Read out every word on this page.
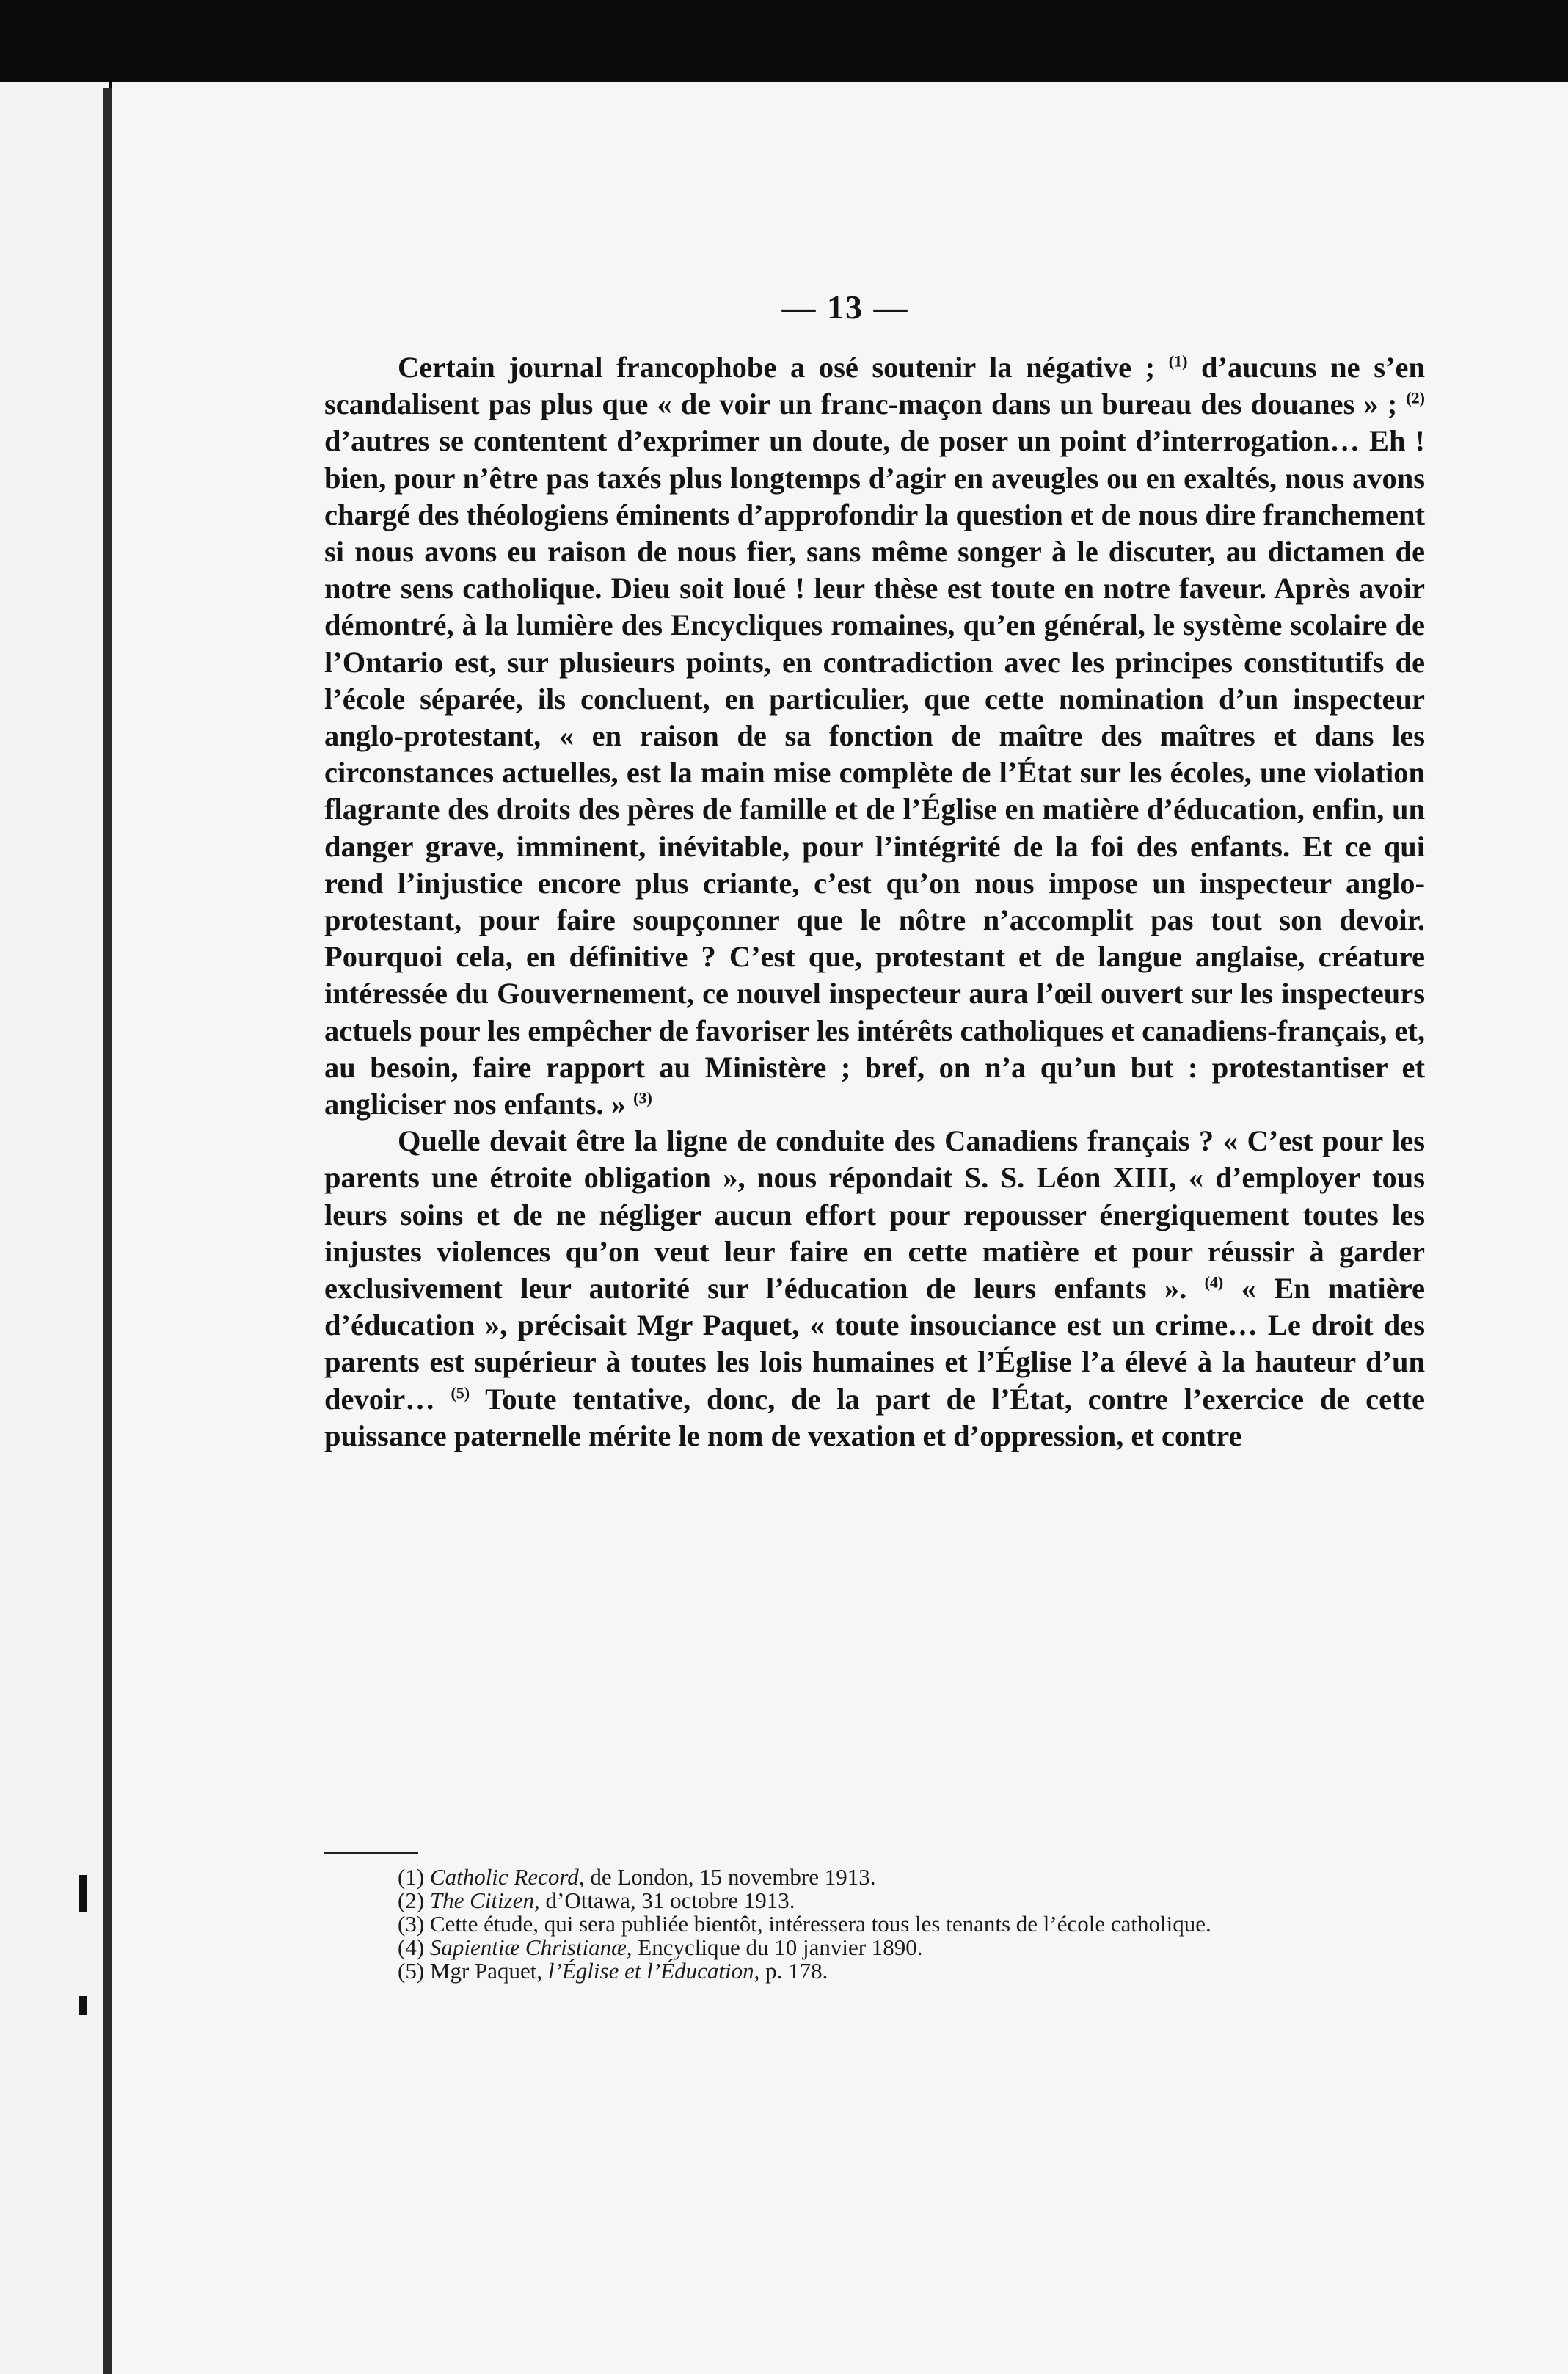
— 13 —

Certain journal francophobe a osé soutenir la négative ; $^{(1)}$ d’aucuns ne s’en scandalisent pas plus que « de voir un franc-maçon dans un bureau des douanes » ; $^{(2)}$ d’autres se contentent d’exprimer un doute, de poser un point d’interrogation… Eh ! bien, pour n’être pas taxés plus longtemps d’agir en aveugles ou en exaltés, nous avons chargé des théologiens éminents d’approfondir la question et de nous dire franchement si nous avons eu raison de nous fier, sans même songer à le discuter, au dictamen de notre sens catholique. Dieu soit loué ! leur thèse est toute en notre faveur. Après avoir démontré, à la lumière des Encycliques romaines, qu’en général, le système scolaire de l’Ontario est, sur plusieurs points, en contradiction avec les principes constitutifs de l’école séparée, ils concluent, en particulier, que cette nomination d’un inspecteur anglo-protestant, « en raison de sa fonction de maître des maîtres et dans les circonstances actuelles, est la main mise complète de l’État sur les écoles, une violation flagrante des droits des pères de famille et de l’Église en matière d’éducation, enfin, un danger grave, imminent, inévitable, pour l’intégrité de la foi des enfants. Et ce qui rend l’injustice encore plus criante, c’est qu’on nous impose un inspecteur anglo-protestant, pour faire soupçonner que le nôtre n’accomplit pas tout son devoir. Pourquoi cela, en définitive ? C’est que, protestant et de langue anglaise, créature intéressée du Gouvernement, ce nouvel inspecteur aura l’œil ouvert sur les inspecteurs actuels pour les empêcher de favoriser les intérêts catholiques et canadiens-français, et, au besoin, faire rapport au Ministère ; bref, on n’a qu’un but : protestantiser et angliciser nos enfants. » $^{(3)}$

Quelle devait être la ligne de conduite des Canadiens français ? « C’est pour les parents une étroite obligation », nous répondait S. S. Léon XIII, « d’employer tous leurs soins et de ne négliger aucun effort pour repousser énergiquement toutes les injustes violences qu’on veut leur faire en cette matière et pour réussir à garder exclusivement leur autorité sur l’éducation de leurs enfants ». $^{(4)}$ « En matière d’éducation », précisait Mgr Paquet, « toute insouciance est un crime… Le droit des parents est supérieur à toutes les lois humaines et l’Église l’a élevé à la hauteur d’un devoir… $^{(5)}$ Toute tentative, donc, de la part de l’État, contre l’exercice de cette puissance paternelle mérite le nom de vexation et d’oppression, et contre

(1) Catholic Record, de London, 15 novembre 1913.

(2) The Citizen, d’Ottawa, 31 octobre 1913.

(3) Cette étude, qui sera publiée bientôt, intéressera tous les tenants de l’école catholique.

(4) Sapientiæ Christianæ, Encyclique du 10 janvier 1890.

(5) Mgr Paquet, l’Église et l’Éducation, p. 178.
